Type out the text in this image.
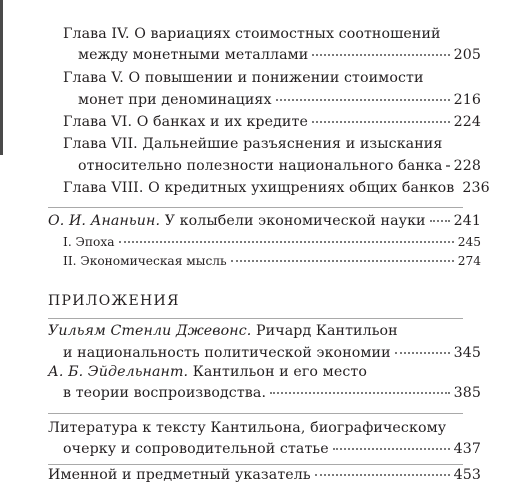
Глава IV. О вариациях стоимостных соотношений
между монетными металлами	205
Глава V. О повышении и понижении стоимости
монет при деноминациях	216
Глава VI. О банках и их кредите	224
Глава VII. Дальнейшие разъяснения и изыскания
относительно полезности национального банка 228
Глава VIII. О кредитных ухищрениях общих банков 236
О. И. Ананьин. У колыбели экономической науки 241
I. Эпоха	245
II. Экономическая мысль	274
ПРИЛОЖЕНИЯ
Уильям Стенли Джевонс. Ричард Кантильон
и национальность политической экономии	345
А. Б. Эйдельнант. Кантильон и его место
в теории воспроизводства.	385
Литература к тексту Кантильона, биографическому
очерку и сопроводительной статье	437
Именной и предметный указатель	453
